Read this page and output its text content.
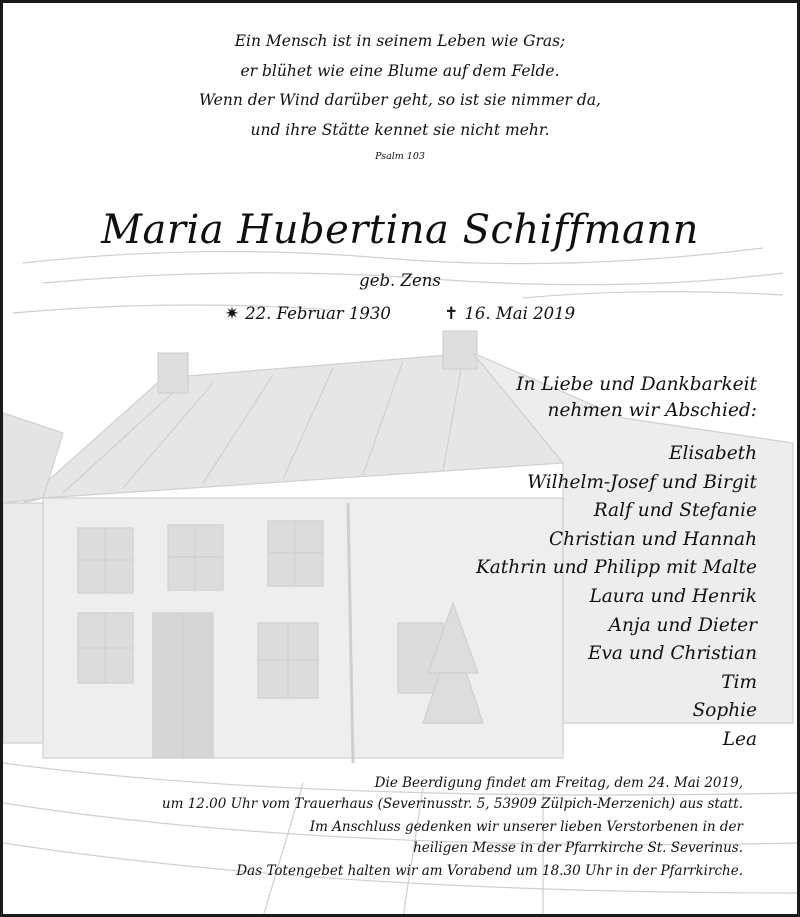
Ein Mensch ist in seinem Leben wie Gras;
er blühet wie eine Blume auf dem Felde.
Wenn der Wind darüber geht, so ist sie nimmer da,
und ihre Stätte kennet sie nicht mehr.
Psalm 103
Maria Hubertina Schiffmann
geb. Zens
✷ 22. Februar 1930	✝ 16. Mai 2019
In Liebe und Dankbarkeit
nehmen wir Abschied:
Elisabeth
Wilhelm-Josef und Birgit
Ralf und Stefanie
Christian und Hannah
Kathrin und Philipp mit Malte
Laura und Henrik
Anja und Dieter
Eva und Christian
Tim
Sophie
Lea
Die Beerdigung findet am Freitag, dem 24. Mai 2019,
um 12.00 Uhr vom Trauerhaus (Severinusstr. 5, 53909 Zülpich-Merzenich) aus statt.
Im Anschluss gedenken wir unserer lieben Verstorbenen in der
heiligen Messe in der Pfarrkirche St. Severinus.
Das Totengebet halten wir am Vorabend um 18.30 Uhr in der Pfarrkirche.
